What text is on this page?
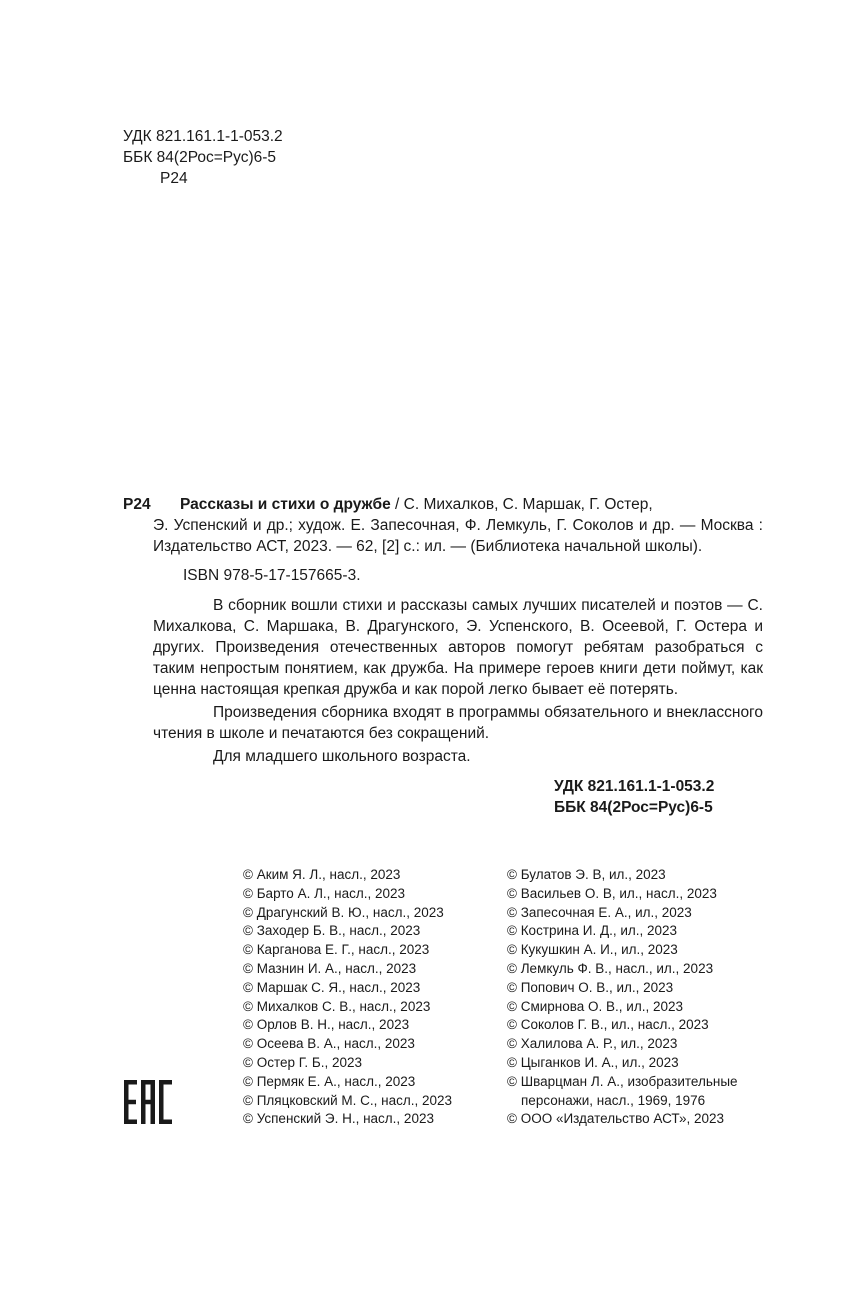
УДК 821.161.1-1-053.2
ББК 84(2Рос=Рус)6-5
Р24
Р24 Рассказы и стихи о дружбе / С. Михалков, С. Маршак, Г. Остер,
Э. Успенский и др.; худож. Е. Запесочная, Ф. Лемкуль, Г. Соколов и др. — Москва : Издательство АСТ, 2023. — 62, [2] с.: ил. — (Библиотека начальной школы).
ISBN 978-5-17-157665-3.
В сборник вошли стихи и рассказы самых лучших писателей и поэтов — С. Михалкова, С. Маршака, В. Драгунского, Э. Успенского, В. Осеевой, Г. Остера и других. Произведения отечественных авторов помогут ребятам разобраться с таким непростым понятием, как дружба. На примере героев книги дети поймут, как ценна настоящая крепкая дружба и как порой легко бывает её потерять.
Произведения сборника входят в программы обязательного и внеклассного чтения в школе и печатаются без сокращений.
Для младшего школьного возраста.
УДК 821.161.1-1-053.2
ББК 84(2Рос=Рус)6-5
© Аким Я. Л., насл., 2023
© Барто А. Л., насл., 2023
© Драгунский В. Ю., насл., 2023
© Заходер Б. В., насл., 2023
© Карганова Е. Г., насл., 2023
© Мазнин И. А., насл., 2023
© Маршак С. Я., насл., 2023
© Михалков С. В., насл., 2023
© Орлов В. Н., насл., 2023
© Осеева В. А., насл., 2023
© Остер Г. Б., 2023
© Пермяк Е. А., насл., 2023
© Пляцковский М. С., насл., 2023
© Успенский Э. Н., насл., 2023
© Булатов Э. В, ил., 2023
© Васильев О. В, ил., насл., 2023
© Запесочная Е. А., ил., 2023
© Кострина И. Д., ил., 2023
© Кукушкин А. И., ил., 2023
© Лемкуль Ф. В., насл., ил., 2023
© Попович О. В., ил., 2023
© Смирнова О. В., ил., 2023
© Соколов Г. В., ил., насл., 2023
© Халилова А. Р., ил., 2023
© Цыганков И. А., ил., 2023
© Шварцман Л. А., изобразительные
персонажи, насл., 1969, 1976
© ООО «Издательство АСТ», 2023
